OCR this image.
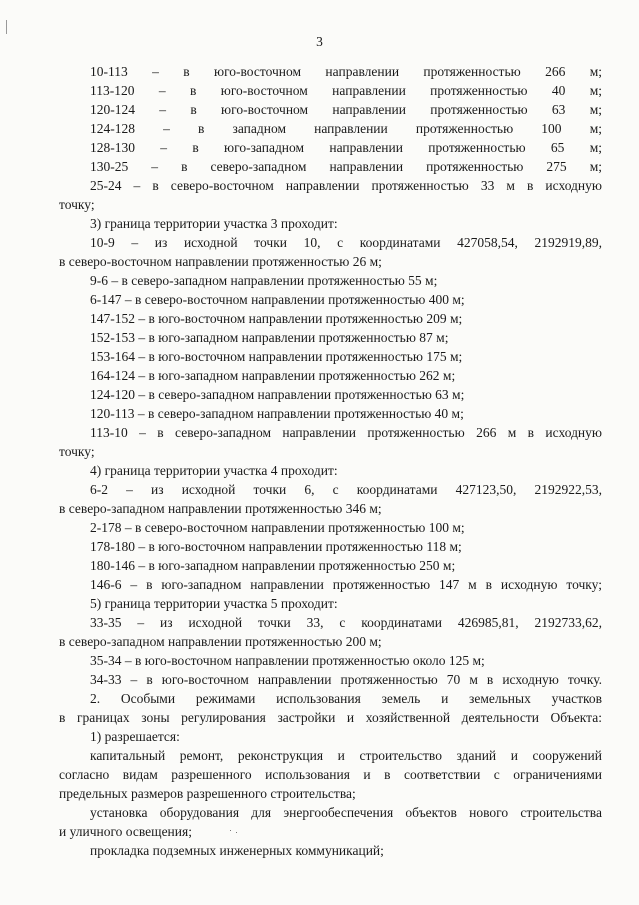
3
10-113 – в юго-восточном направлении протяженностью 266 м;
113-120 – в юго-восточном направлении протяженностью 40 м;
120-124 – в юго-восточном направлении протяженностью 63 м;
124-128 – в западном направлении протяженностью 100 м;
128-130 – в юго-западном направлении протяженностью 65 м;
130-25 – в северо-западном направлении протяженностью 275 м;
25-24 – в северо-восточном направлении протяженностью 33 м в исходную
точку;
3) граница территории участка 3 проходит:
10-9 – из исходной точки 10, с координатами 427058,54, 2192919,89,
в северо-восточном направлении протяженностью 26 м;
9-6 – в северо-западном направлении протяженностью 55 м;
6-147 – в северо-восточном направлении протяженностью 400 м;
147-152 – в юго-восточном направлении протяженностью 209 м;
152-153 – в юго-западном направлении протяженностью 87 м;
153-164 – в юго-восточном направлении протяженностью 175 м;
164-124 – в юго-западном направлении протяженностью 262 м;
124-120 – в северо-западном направлении протяженностью 63 м;
120-113 – в северо-западном направлении протяженностью 40 м;
113-10 – в северо-западном направлении протяженностью 266 м в исходную
точку;
4) граница территории участка 4 проходит:
6-2 – из исходной точки 6, с координатами 427123,50, 2192922,53,
в северо-западном направлении протяженностью 346 м;
2-178 – в северо-восточном направлении протяженностью 100 м;
178-180 – в юго-восточном направлении протяженностью 118 м;
180-146 – в юго-западном направлении протяженностью 250 м;
146-6 – в юго-западном направлении протяженностью 147 м в исходную точку;
5) граница территории участка 5 проходит:
33-35 – из исходной точки 33, с координатами 426985,81, 2192733,62,
в северо-западном направлении протяженностью 200 м;
35-34 – в юго-восточном направлении протяженностью около 125 м;
34-33 – в юго-восточном направлении протяженностью 70 м в исходную точку.
2. Особыми режимами использования земель и земельных участков
в границах зоны регулирования застройки и хозяйственной деятельности Объекта:
1) разрешается:
капитальный ремонт, реконструкция и строительство зданий и сооружений
согласно видам разрешенного использования и в соответствии с ограничениями
предельных размеров разрешенного строительства;
установка оборудования для энергообеспечения объектов нового строительства
и уличного освещения;
прокладка подземных инженерных коммуникаций;
